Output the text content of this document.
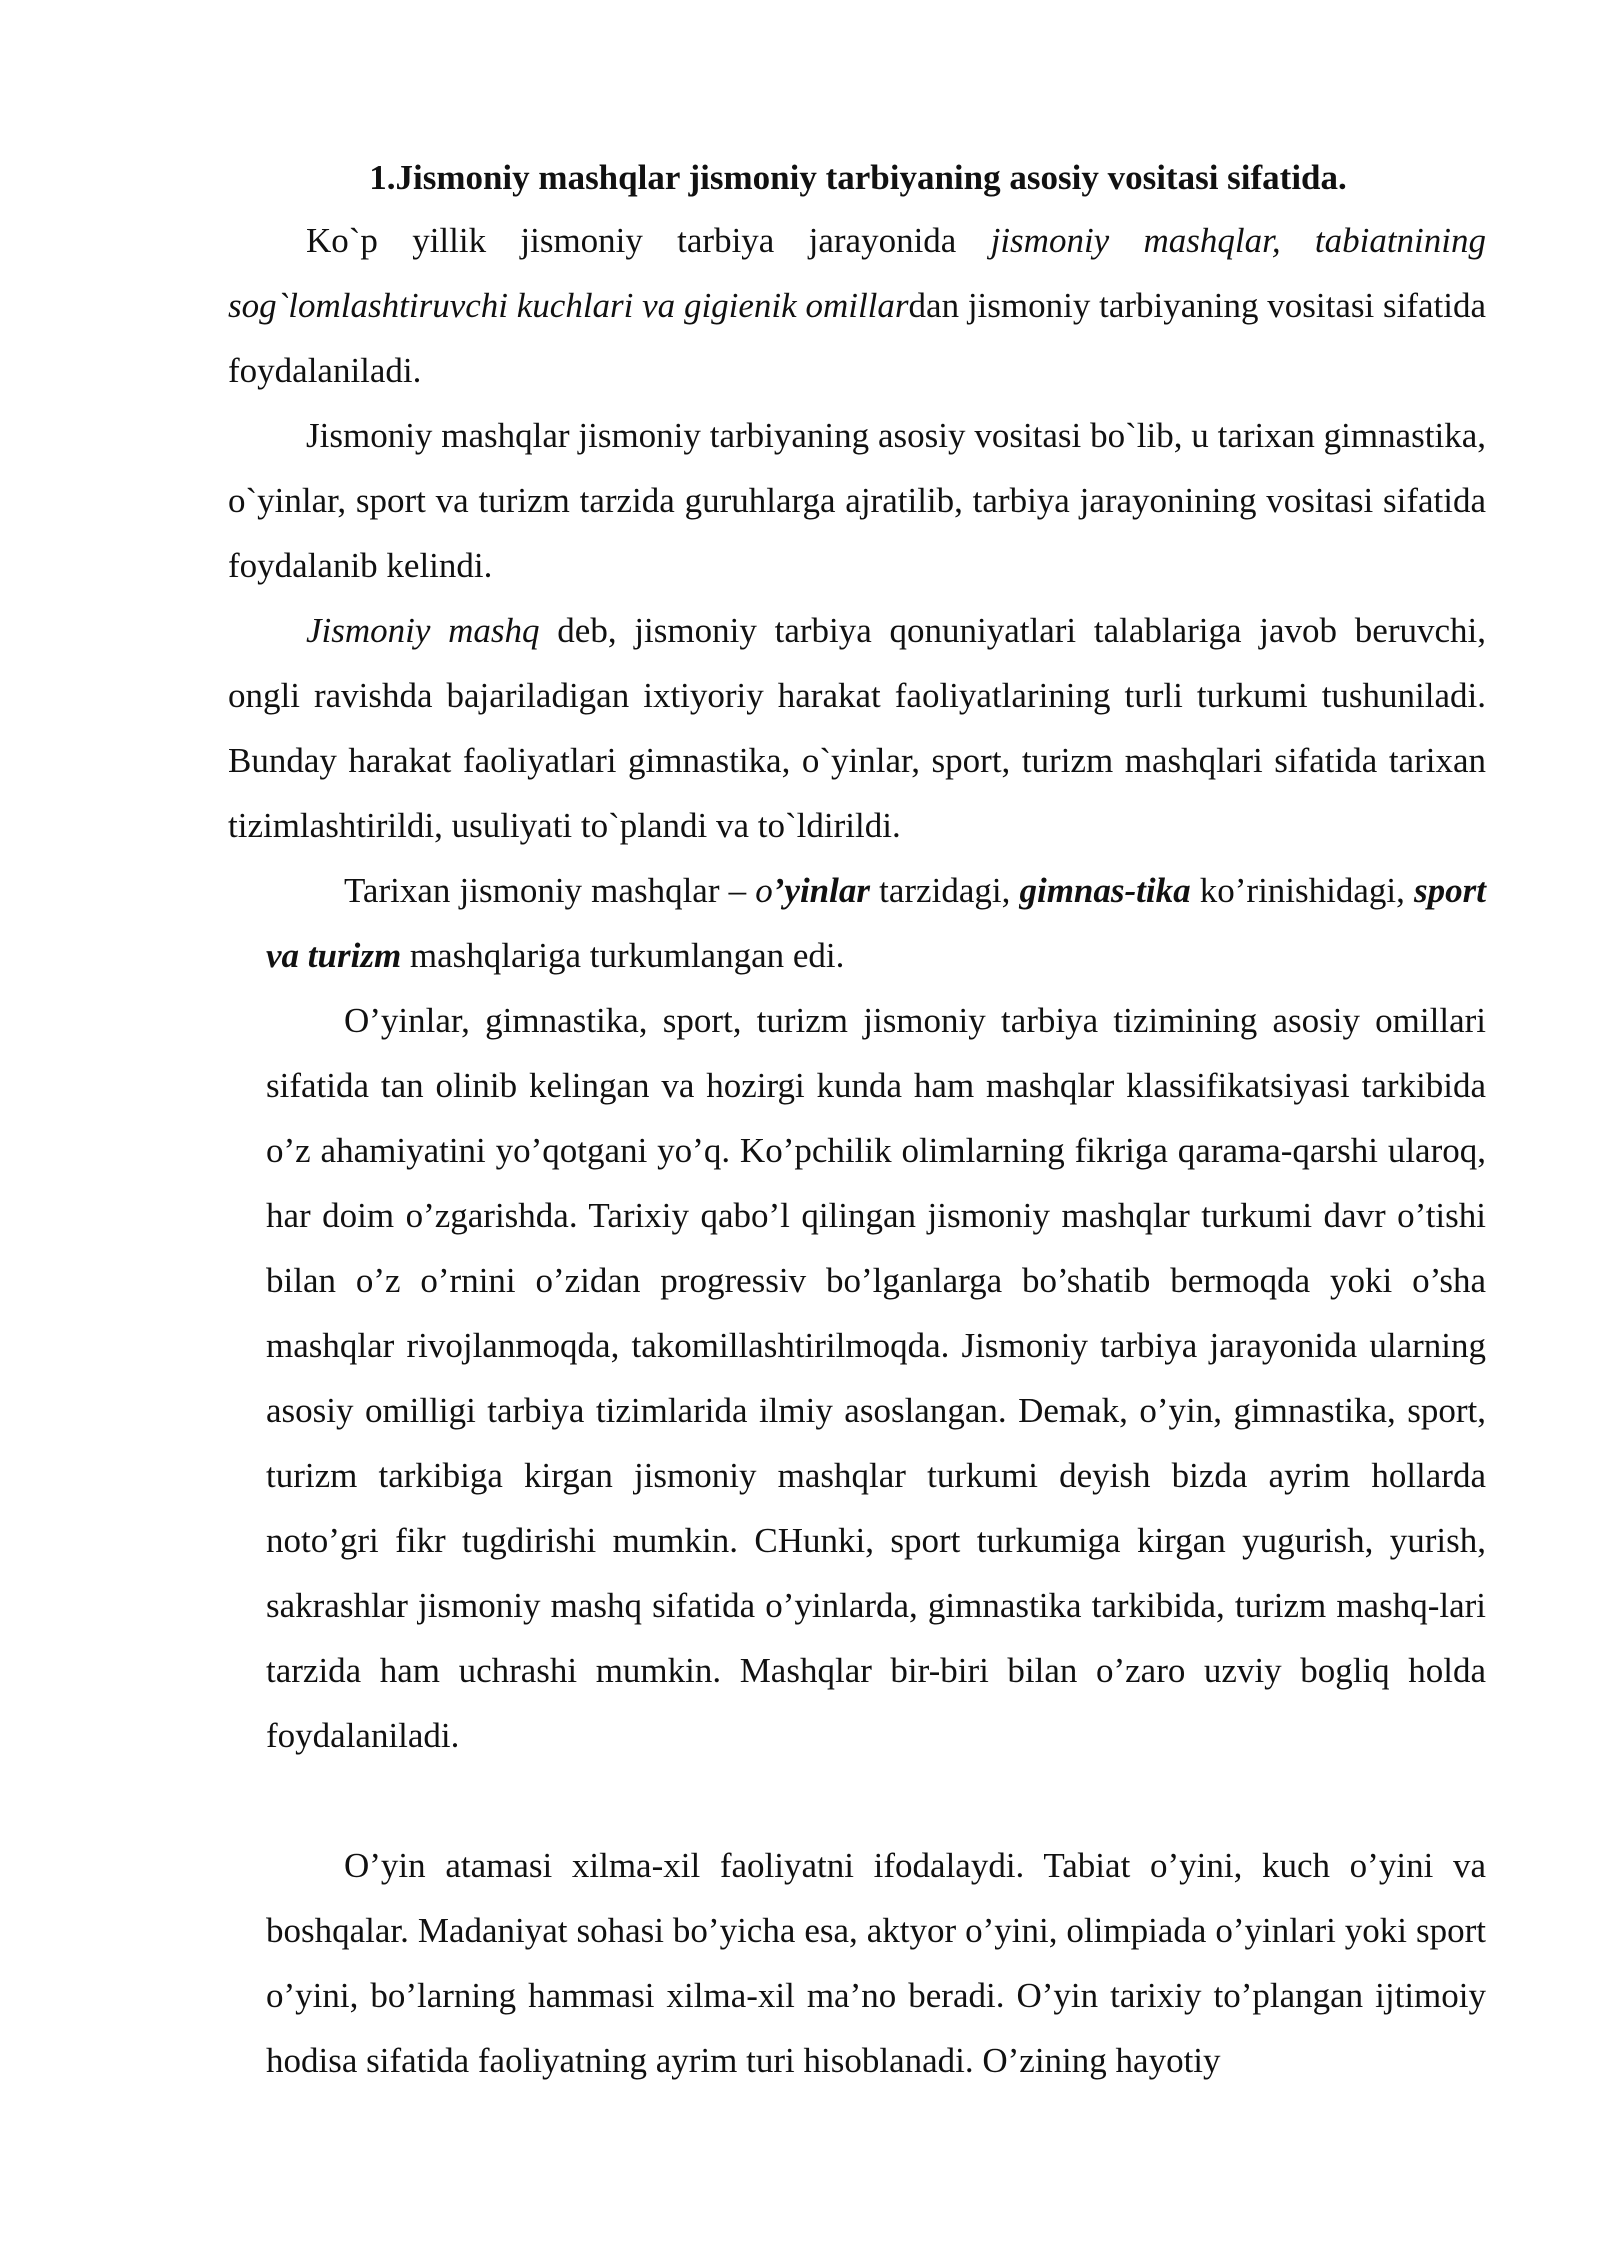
1.Jismoniy mashqlar jismoniy tarbiyaning asosiy vositasi sifatida.

Ko`p yillik jismoniy tarbiya jarayonida jismoniy mashqlar, tabiatnining sog`lomlashtiruvchi kuchlari va gigienik omillardan jismoniy tarbiyaning vositasi sifatida foydalaniladi.

Jismoniy mashqlar jismoniy tarbiyaning asosiy vositasi bo`lib, u tarixan gimnastika, o`yinlar, sport va turizm tarzida guruhlarga ajratilib, tarbiya jarayonining vositasi sifatida foydalanib kelindi.

Jismoniy mashq deb, jismoniy tarbiya qonuniyatlari talablariga javob beruvchi, ongli ravishda bajariladigan ixtiyoriy harakat faoliyatlarining turli turkumi tushuniladi. Bunday harakat faoliyatlari gimnastika, o`yinlar, sport, turizm mashqlari sifatida tarixan tizimlashtirildi, usuliyati to`plandi va to`ldirildi.

Tarixan jismoniy mashqlar – o’yinlar tarzidagi, gimnas-tika ko’rinishidagi, sport va turizm mashqlariga turkumlangan edi.

O’yinlar, gimnastika, sport, turizm jismoniy tarbiya tizimining asosiy omillari sifatida tan olinib kelingan va hozirgi kunda ham mashqlar klassifikatsiyasi tarkibida o’z ahamiyatini yo’qotgani yo’q. Ko’pchilik olimlarning fikriga qarama-qarshi ularoq, har doim o’zgarishda. Tarixiy qabo’l qilingan jismoniy mashqlar turkumi davr o’tishi bilan o’z o’rnini o’zidan progressiv bo’lganlarga bo’shatib bermoqda yoki o’sha mashqlar rivojlanmoqda, takomillashtirilmoqda. Jismoniy tarbiya jarayonida ularning asosiy omilligi tarbiya tizimlarida ilmiy asoslangan. Demak, o’yin, gimnastika, sport, turizm tarkibiga kirgan jismoniy mashqlar turkumi deyish bizda ayrim hollarda noto’gri fikr tugdirishi mumkin. CHunki, sport turkumiga kirgan yugurish, yurish, sakrashlar jismoniy mashq sifatida o’yinlarda, gimnastika tarkibida, turizm mashq-lari tarzida ham uchrashi mumkin. Mashqlar bir-biri bilan o’zaro uzviy bogliq holda foydalaniladi.

O’yin atamasi xilma-xil faoliyatni ifodalaydi. Tabiat o’yini, kuch o’yini va boshqalar. Madaniyat sohasi bo’yicha esa, aktyor o’yini, olimpiada o’yinlari yoki sport o’yini, bo’larning hammasi xilma-xil ma’no beradi. O’yin tarixiy to’plangan ijtimoiy hodisa sifatida faoliyatning ayrim turi hisoblanadi. O’zining hayotiy
